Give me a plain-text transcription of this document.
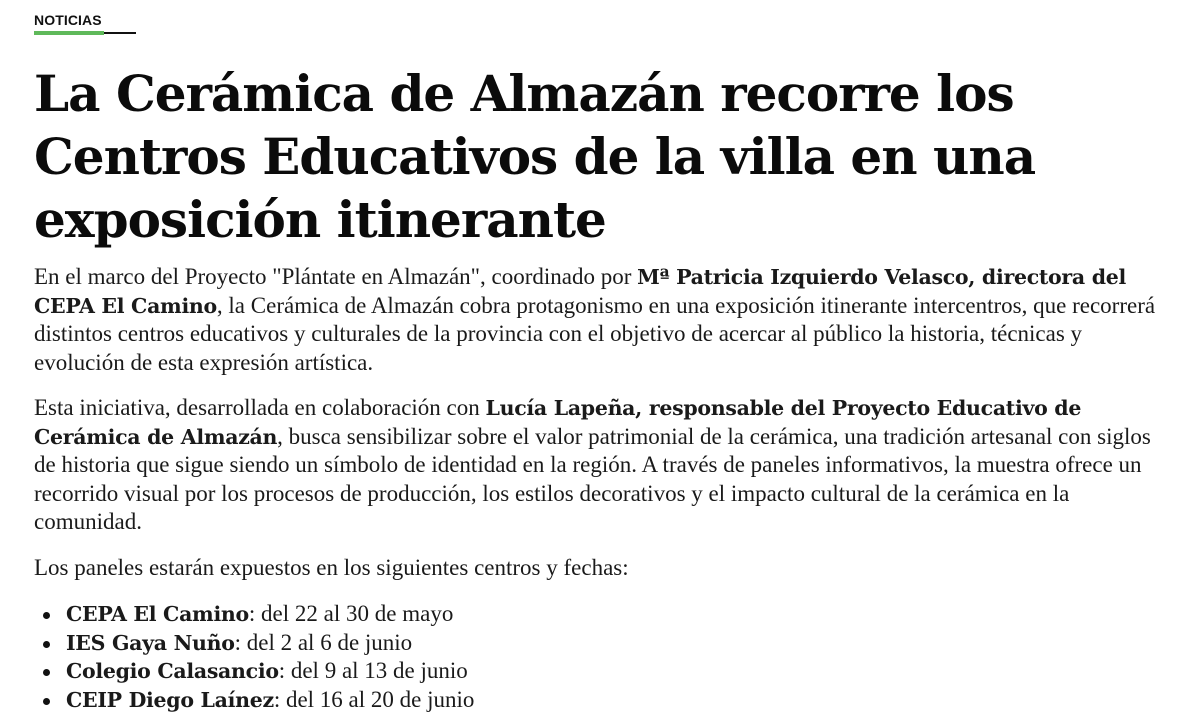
NOTICIAS
La Cerámica de Almazán recorre los Centros Educativos de la villa en una exposición itinerante

En el marco del Proyecto "Plántate en Almazán", coordinado por Mª Patricia Izquierdo Velasco, directora del CEPA El Camino, la Cerámica de Almazán cobra protagonismo en una exposición itinerante intercentros, que recorrerá distintos centros educativos y culturales de la provincia con el objetivo de acercar al público la historia, técnicas y evolución de esta expresión artística.

Esta iniciativa, desarrollada en colaboración con Lucía Lapeña, responsable del Proyecto Educativo de Cerámica de Almazán, busca sensibilizar sobre el valor patrimonial de la cerámica, una tradición artesanal con siglos de historia que sigue siendo un símbolo de identidad en la región. A través de paneles informativos, la muestra ofrece un recorrido visual por los procesos de producción, los estilos decorativos y el impacto cultural de la cerámica en la comunidad.

Los paneles estarán expuestos en los siguientes centros y fechas:

CEPA El Camino: del 22 al 30 de mayo
IES Gaya Nuño: del 2 al 6 de junio
Colegio Calasancio: del 9 al 13 de junio
CEIP Diego Laínez: del 16 al 20 de junio
